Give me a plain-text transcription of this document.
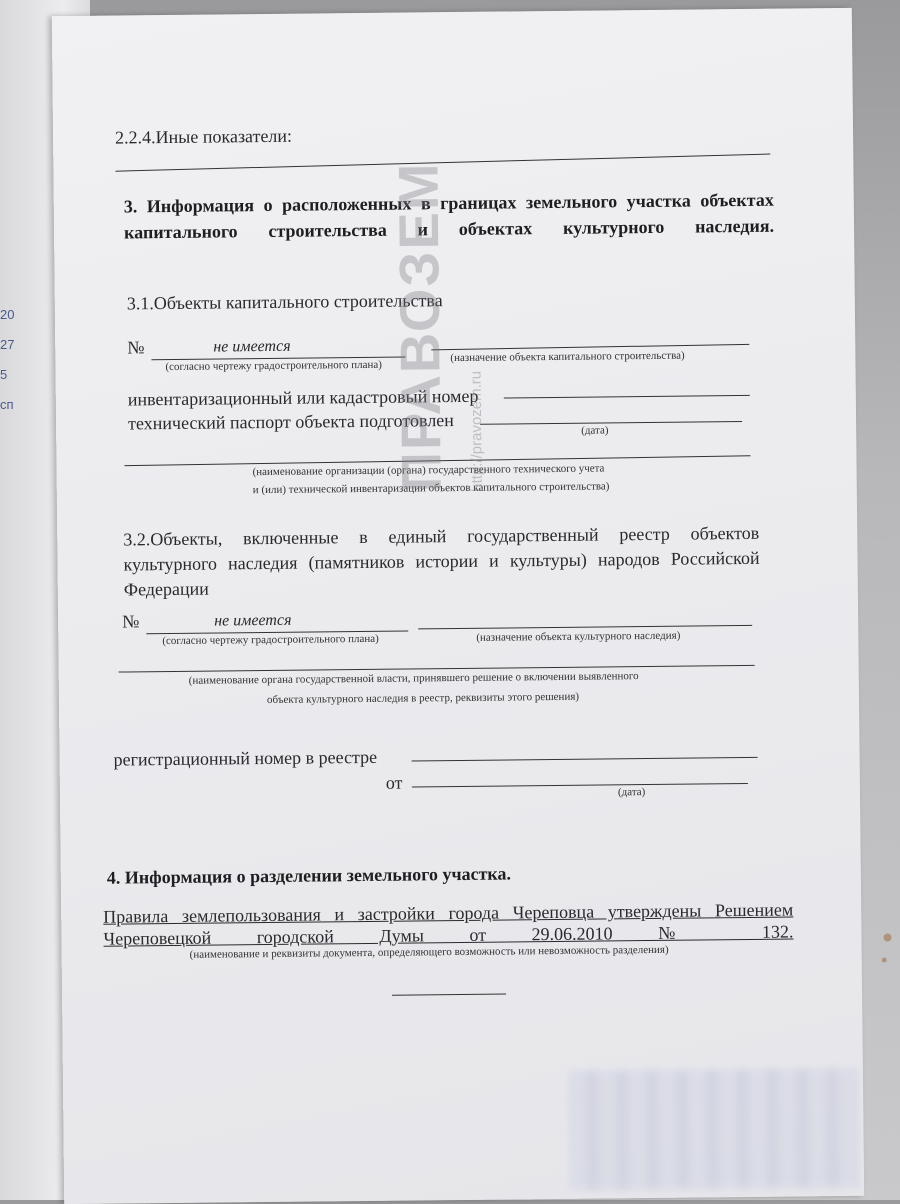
20
27
5
сп
2.2.4.Иные показатели:
3. Информация о расположенных в границах земельного участка объектах капитального строительства и объектах культурного наследия.
3.1.Объекты капитального строительства
№	не имеется
(согласно чертежу градостроительного плана)
(назначение объекта капитального строительства)
инвентаризационный или кадастровый номер
технический паспорт объекта подготовлен	(дата)
(наименование организации (органа) государственного технического учета
и (или) технической инвентаризации объектов капитального строительства)
3.2.Объекты, включенные в единый государственный реестр объектов культурного наследия (памятников истории и культуры) народов Российской Федерации
№	не имеется
(согласно чертежу градостроительного плана)	(назначение объекта культурного наследия)
(наименование органа государственной власти, принявшего решение о включении выявленного
объекта культурного наследия в реестр, реквизиты этого решения)
регистрационный номер в реестре
от	(дата)
4. Информация о разделении земельного участка.
Правила землепользования и застройки города Череповца утверждены Решением Череповецкой городской Думы от 29.06.2010 № 132.
(наименование и реквизиты документа, определяющего возможность или невозможность разделения)
ПРАВОЗЕМ http://pravozem.ru
